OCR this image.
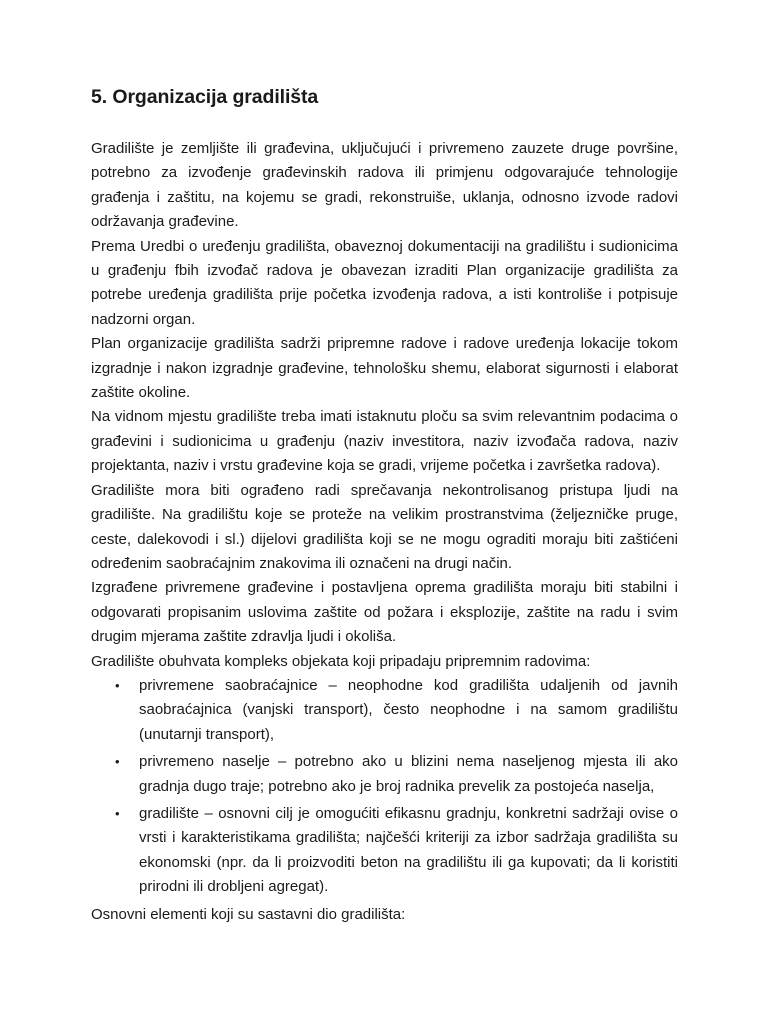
5. Organizacija gradilišta

Gradilište je zemljište ili građevina, uključujući i privremeno zauzete druge površine, potrebno za izvođenje građevinskih radova ili primjenu odgovarajuće tehnologije građenja i zaštitu, na kojemu se gradi, rekonstruiše, uklanja, odnosno izvode radovi održavanja građevine.

Prema Uredbi o uređenju gradilišta, obaveznoj dokumentaciji na gradilištu i sudionicima u građenju fbih izvođač radova je obavezan izraditi Plan organizacije gradilišta za potrebe uređenja gradilišta prije početka izvođenja radova, a isti kontroliše i potpisuje nadzorni organ.

Plan organizacije gradilišta sadrži pripremne radove i radove uređenja lokacije tokom izgradnje i nakon izgradnje građevine, tehnološku shemu, elaborat sigurnosti i elaborat zaštite okoline.

Na vidnom mjestu gradilište treba imati istaknutu ploču sa svim relevantnim podacima o građevini i sudionicima u građenju (naziv investitora, naziv izvođača radova, naziv projektanta, naziv i vrstu građevine koja se gradi, vrijeme početka i završetka radova).

Gradilište mora biti ograđeno radi sprečavanja nekontrolisanog pristupa ljudi na gradilište. Na gradilištu koje se proteže na velikim prostranstvima (željezničke pruge, ceste, dalekovodi i sl.) dijelovi gradilišta koji se ne mogu ograditi moraju biti zaštićeni određenim saobraćajnim znakovima ili označeni na drugi način.

Izgrađene privremene građevine i postavljena oprema gradilišta moraju biti stabilni i odgovarati propisanim uslovima zaštite od požara i eksplozije, zaštite na radu i svim drugim mjerama zaštite zdravlja ljudi i okoliša.

Gradilište obuhvata kompleks objekata koji pripadaju pripremnim radovima:

• privremene saobraćajnice – neophodne kod gradilišta udaljenih od javnih saobraćajnica (vanjski transport), često neophodne i na samom gradilištu (unutarnji transport),
• privremeno naselje – potrebno ako u blizini nema naseljenog mjesta ili ako gradnja dugo traje; potrebno ako je broj radnika prevelik za postojeća naselja,
• gradilište – osnovni cilj je omogućiti efikasnu gradnju, konkretni sadržaji ovise o vrsti i karakteristikama gradilišta; najčešći kriteriji za izbor sadržaja gradilišta su ekonomski (npr. da li proizvoditi beton na gradilištu ili ga kupovati; da li koristiti prirodni ili drobljeni agregat).

Osnovni elementi koji su sastavni dio gradilišta:
